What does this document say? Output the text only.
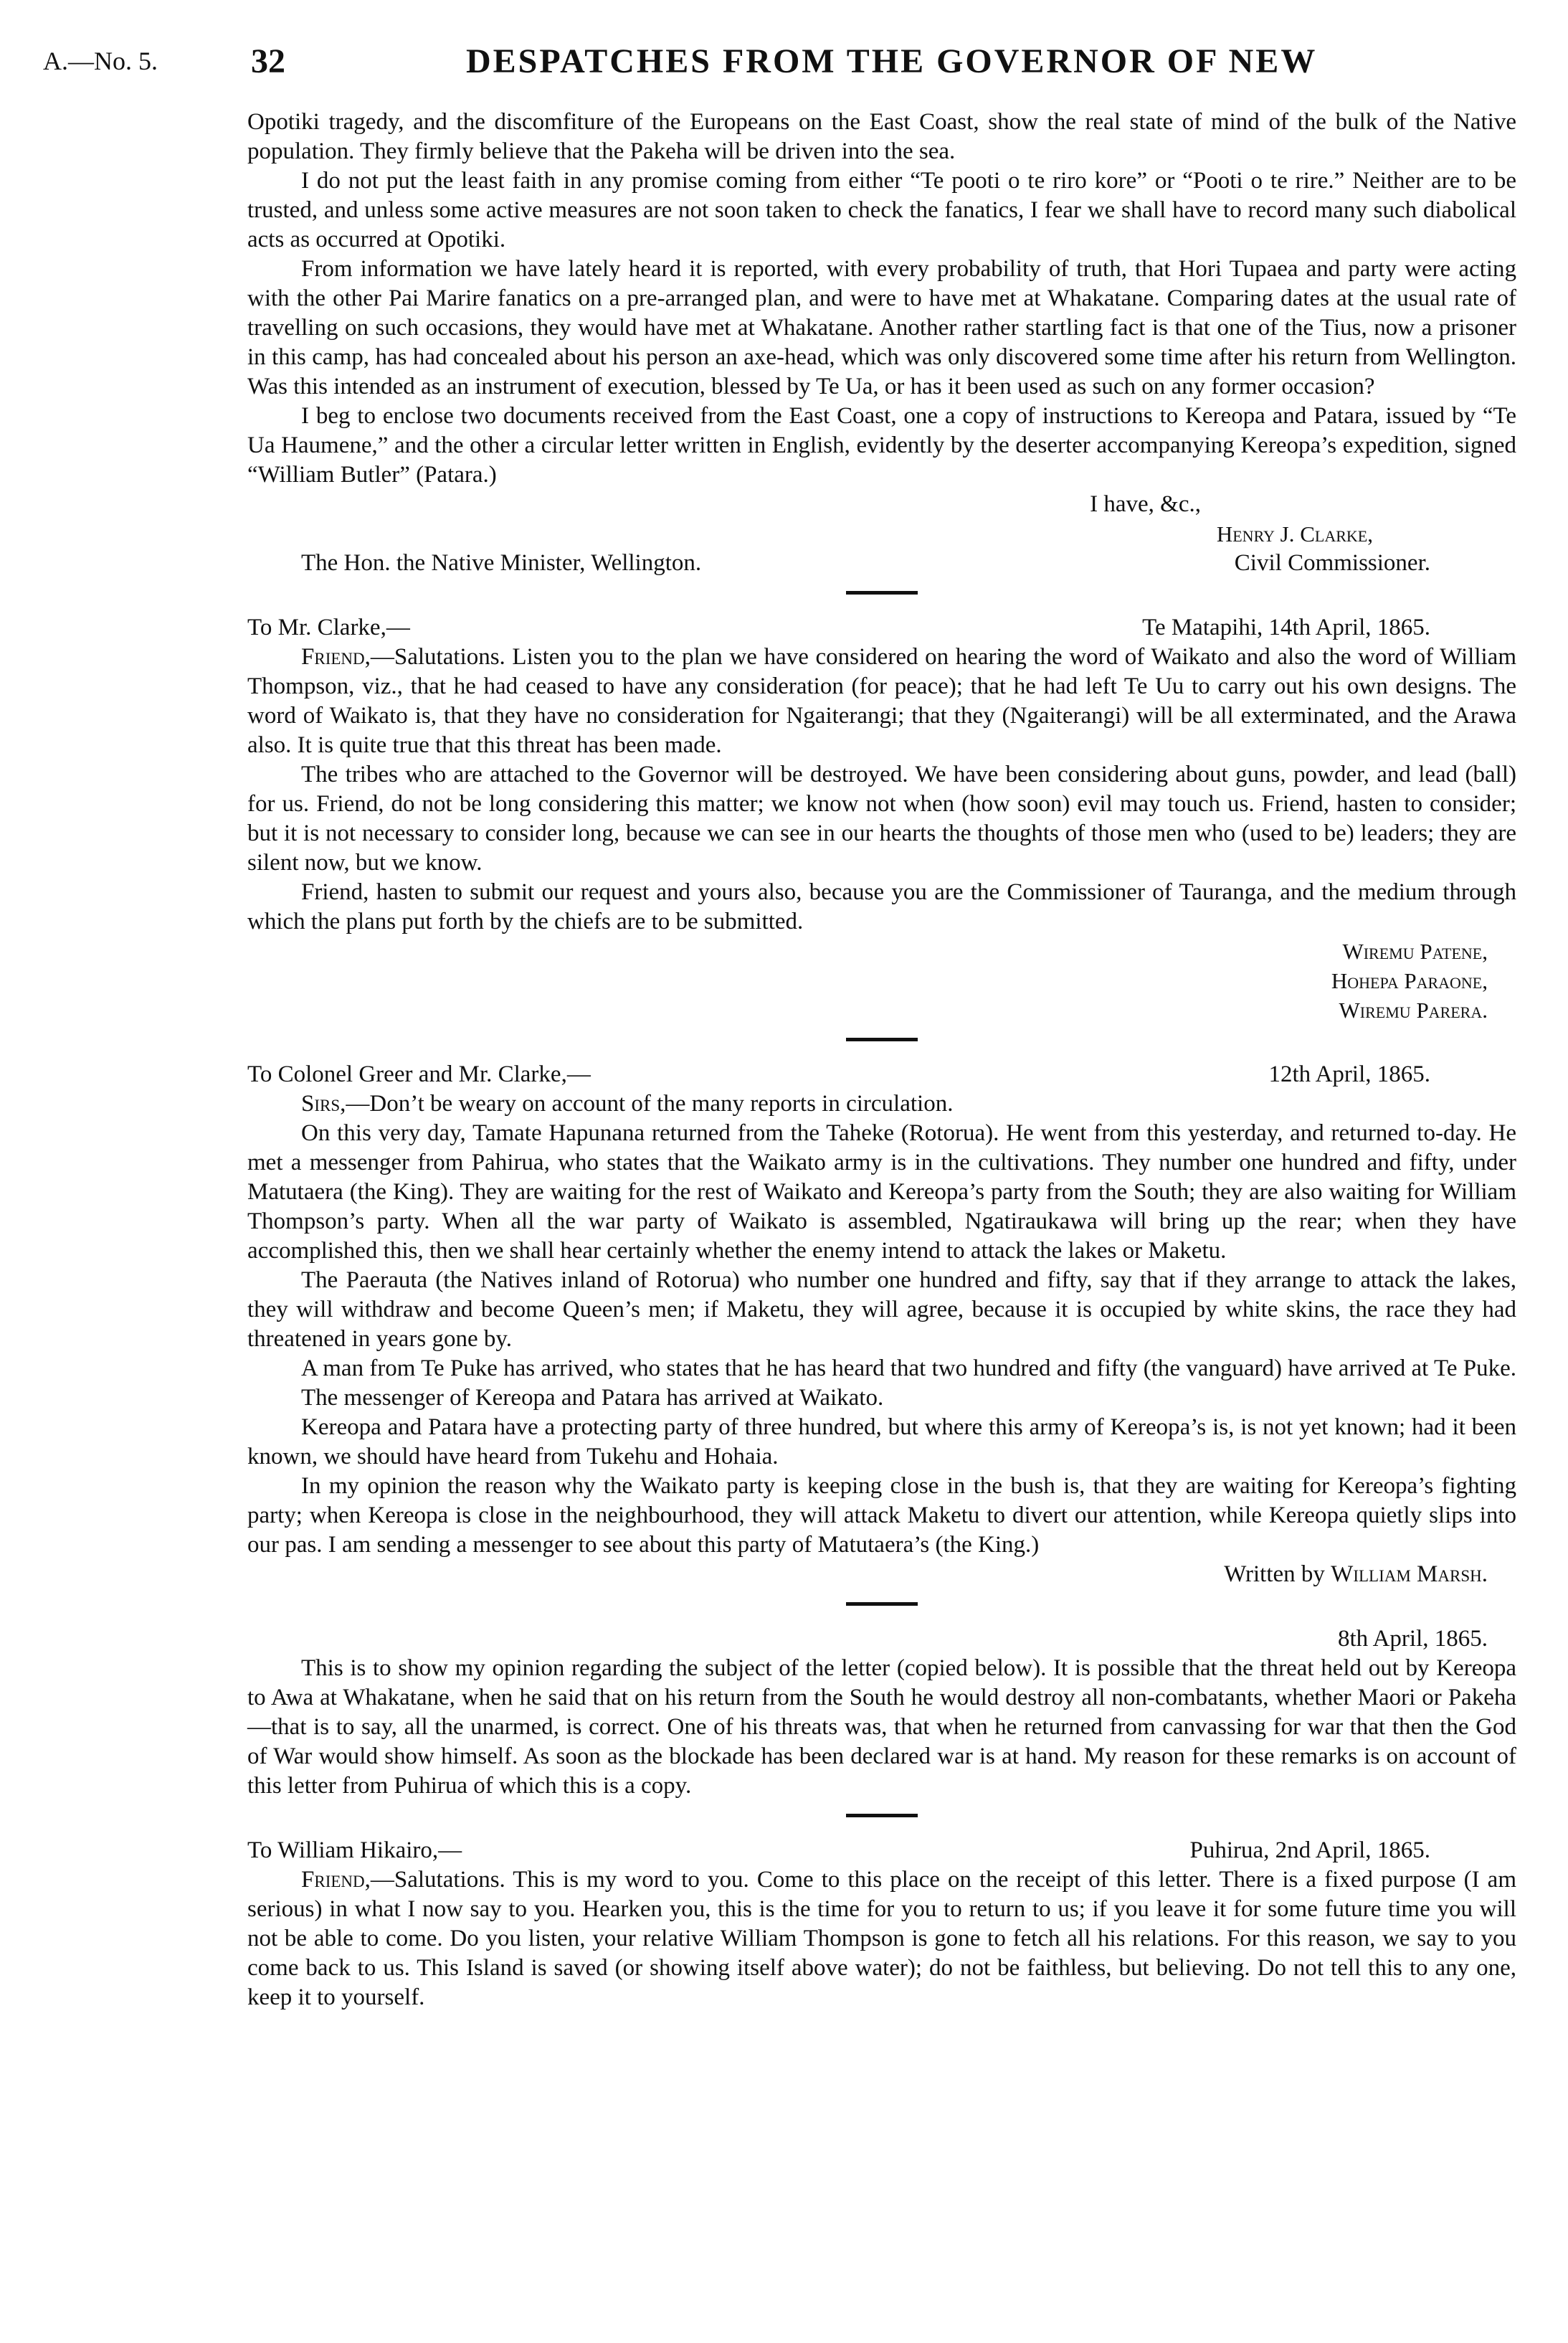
A.—No. 5.	32	DESPATCHES FROM THE GOVERNOR OF NEW

Opotiki tragedy, and the discomfiture of the Europeans on the East Coast, show the real state of mind of the bulk of the Native population. They firmly believe that the Pakeha will be driven into the sea.

I do not put the least faith in any promise coming from either “Te pooti o te riro kore” or “Pooti o te rire.” Neither are to be trusted, and unless some active measures are not soon taken to check the fanatics, I fear we shall have to record many such diabolical acts as occurred at Opotiki.

From information we have lately heard it is reported, with every probability of truth, that Hori Tupaea and party were acting with the other Pai Marire fanatics on a pre-arranged plan, and were to have met at Whakatane. Comparing dates at the usual rate of travelling on such occasions, they would have met at Whakatane. Another rather startling fact is that one of the Tius, now a prisoner in this camp, has had concealed about his person an axe-head, which was only discovered some time after his return from Wellington. Was this intended as an instrument of execution, blessed by Te Ua, or has it been used as such on any former occasion?

I beg to enclose two documents received from the East Coast, one a copy of instructions to Kereopa and Patara, issued by “Te Ua Haumene,” and the other a circular letter written in English, evidently by the deserter accompanying Kereopa’s expedition, signed “William Butler” (Patara.)

I have, &c.,
Henry J. Clarke,
The Hon. the Native Minister, Wellington.	Civil Commissioner.
To Mr. Clarke,—	Te Matapihi, 14th April, 1865.

Friend,—Salutations. Listen you to the plan we have considered on hearing the word of Waikato and also the word of William Thompson, viz., that he had ceased to have any consideration (for peace); that he had left Te Uu to carry out his own designs. The word of Waikato is, that they have no consideration for Ngaiterangi; that they (Ngaiterangi) will be all exterminated, and the Arawa also. It is quite true that this threat has been made.

The tribes who are attached to the Governor will be destroyed. We have been considering about guns, powder, and lead (ball) for us. Friend, do not be long considering this matter; we know not when (how soon) evil may touch us. Friend, hasten to consider; but it is not necessary to consider long, because we can see in our hearts the thoughts of those men who (used to be) leaders; they are silent now, but we know.

Friend, hasten to submit our request and yours also, because you are the Commissioner of Tauranga, and the medium through which the plans put forth by the chiefs are to be submitted.

Wiremu Patene,
Hohepa Paraone,
Wiremu Parera.
To Colonel Greer and Mr. Clarke,—	12th April, 1865.

Sirs,—Don’t be weary on account of the many reports in circulation.

On this very day, Tamate Hapunana returned from the Taheke (Rotorua). He went from this yesterday, and returned to-day. He met a messenger from Pahirua, who states that the Waikato army is in the cultivations. They number one hundred and fifty, under Matutaera (the King). They are waiting for the rest of Waikato and Kereopa’s party from the South; they are also waiting for William Thompson’s party. When all the war party of Waikato is assembled, Ngatiraukawa will bring up the rear; when they have accomplished this, then we shall hear certainly whether the enemy intend to attack the lakes or Maketu.

The Paerauta (the Natives inland of Rotorua) who number one hundred and fifty, say that if they arrange to attack the lakes, they will withdraw and become Queen’s men; if Maketu, they will agree, because it is occupied by white skins, the race they had threatened in years gone by.

A man from Te Puke has arrived, who states that he has heard that two hundred and fifty (the vanguard) have arrived at Te Puke.

The messenger of Kereopa and Patara has arrived at Waikato.

Kereopa and Patara have a protecting party of three hundred, but where this army of Kereopa’s is, is not yet known; had it been known, we should have heard from Tukehu and Hohaia.

In my opinion the reason why the Waikato party is keeping close in the bush is, that they are waiting for Kereopa’s fighting party; when Kereopa is close in the neighbourhood, they will attack Maketu to divert our attention, while Kereopa quietly slips into our pas. I am sending a messenger to see about this party of Matutaera’s (the King.)

Written by William Marsh.
8th April, 1865.

This is to show my opinion regarding the subject of the letter (copied below). It is possible that the threat held out by Kereopa to Awa at Whakatane, when he said that on his return from the South he would destroy all non-combatants, whether Maori or Pakeha—that is to say, all the unarmed, is correct. One of his threats was, that when he returned from canvassing for war that then the God of War would show himself. As soon as the blockade has been declared war is at hand. My reason for these remarks is on account of this letter from Puhirua of which this is a copy.

To William Hikairo,—	Puhirua, 2nd April, 1865.

Friend,—Salutations. This is my word to you. Come to this place on the receipt of this letter. There is a fixed purpose (I am serious) in what I now say to you. Hearken you, this is the time for you to return to us; if you leave it for some future time you will not be able to come. Do you listen, your relative William Thompson is gone to fetch all his relations. For this reason, we say to you come back to us. This Island is saved (or showing itself above water); do not be faithless, but believing. Do not tell this to any one, keep it to yourself.
